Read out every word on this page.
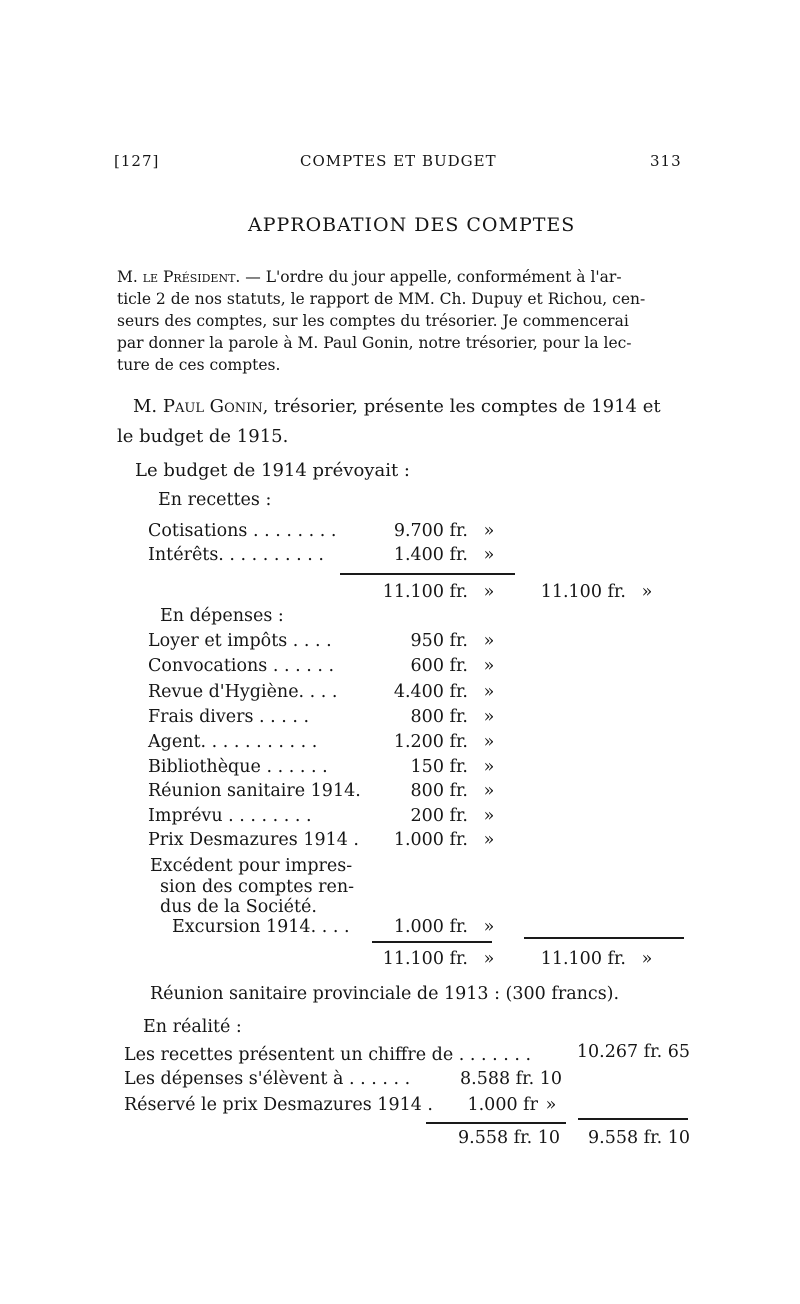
[127]	COMPTES ET BUDGET	313
APPROBATION DES COMPTES
M. le Président. — L'ordre du jour appelle, conformément à l'ar-
ticle 2 de nos statuts, le rapport de MM. Ch. Dupuy et Richou, cen-
seurs des comptes, sur les comptes du trésorier. Je commencerai
par donner la parole à M. Paul Gonin, notre trésorier, pour la lec-
ture de ces comptes.
M. Paul Gonin, trésorier, présente les comptes de 1914 et
le budget de 1915.
Le budget de 1914 prévoyait :
En recettes :
Cotisations . . . . . . . .	9.700 fr. »
Intérêts. . . . . . . . . .	1.400 fr. »
11.100 fr. »	11.100 fr. »
En dépenses :
Loyer et impôts . . . .	950 fr. »
Convocations . . . . . .	600 fr. »
Revue d'Hygiène. . . .	4.400 fr. »
Frais divers . . . . .	800 fr. »
Agent. . . . . . . . . . .	1.200 fr. »
Bibliothèque . . . . . .	150 fr. »
Réunion sanitaire 1914.	800 fr. »
Imprévu . . . . . . . .	200 fr. »
Prix Desmazures 1914 .	1.000 fr. »
Excédent pour impres-
sion des comptes ren-
dus de la Société.
Excursion 1914. . . .	1.000 fr. »
11.100 fr. »	11.100 fr. »
Réunion sanitaire provinciale de 1913 : (300 francs).
En réalité :
Les recettes présentent un chiffre de . . . . . . .	10.267 fr. 65
Les dépenses s'élèvent à . . . . . .	8.588 fr. 10
Réservé le prix Desmazures 1914 .	1.000 fr »
9.558 fr. 10	9.558 fr. 10
